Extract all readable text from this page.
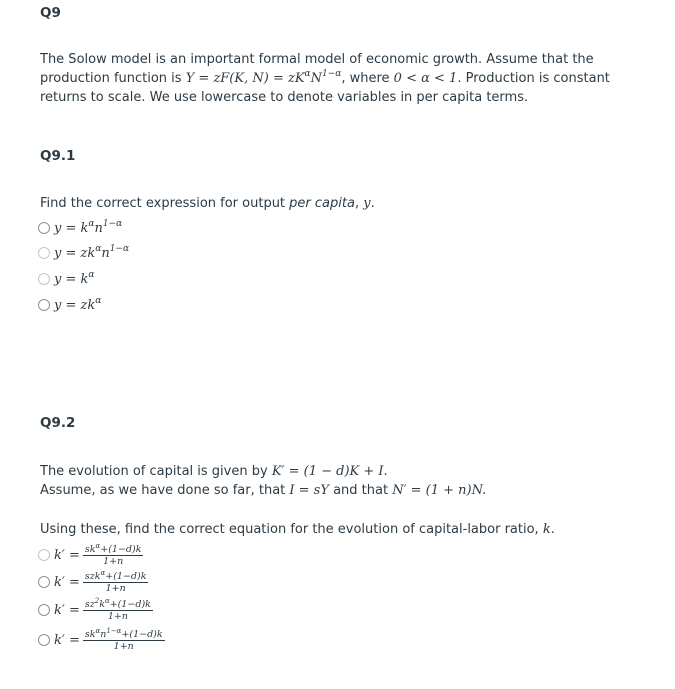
Q9
The Solow model is an important formal model of economic growth. Assume that the production function is Y = zF(K, $N) = zK^\alpha N^{1-\alpha}$, where 0 < α < 1. Production is constant returns to scale. We use lowercase to denote variables in per capita terms.
Q9.1
Find the correct expression for output per capita, y.
$y = k^\alpha n^{1-\alpha}$
$y = zk^\alpha n^{1-\alpha}$
$y = k^\alpha$
$y = zk^\alpha$
Q9.2
The evolution of capital is given by K′ = (1 − d)K + I.
Assume, as we have done so far, that I = sY and that N′ = (1 + n)N.
Using these, find the correct equation for the evolution of capital-labor ratio, k.
$k' = \frac{sk^\alpha+(1-d)k}{1+n}$
$k' = \frac{szk^\alpha+(1-d)k}{1+n}$
$k' = \frac{sz^2k^\alpha+(1-d)k}{1+n}$
$k' = \frac{sk^\alpha n^{1-\alpha}+(1-d)k}{1+n}$
